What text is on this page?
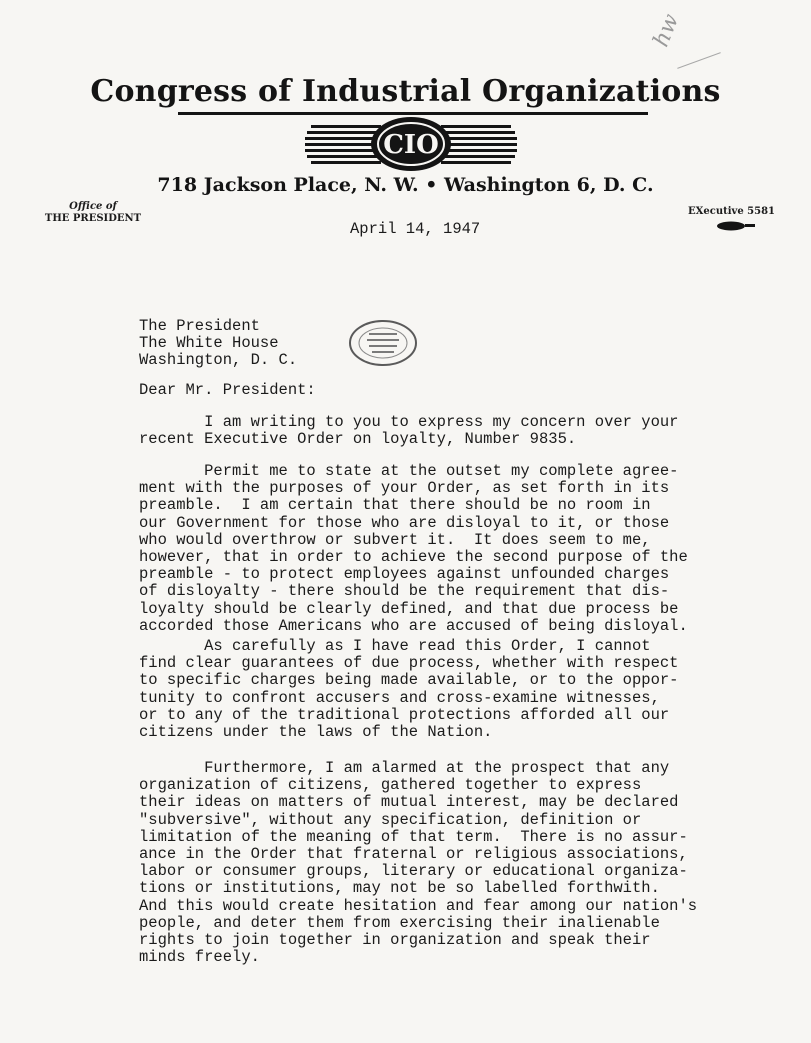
hw
Congress of Industrial Organizations
CIO
718 Jackson Place, N. W. • Washington 6, D. C.
Office of
THE PRESIDENT
EXecutive 5581
April 14, 1947
The President
The White House
Washington, D. C.
Dear Mr. President:
I am writing to you to express my concern over your
recent Executive Order on loyalty, Number 9835.
Permit me to state at the outset my complete agree-
ment with the purposes of your Order, as set forth in its
preamble.  I am certain that there should be no room in
our Government for those who are disloyal to it, or those
who would overthrow or subvert it.  It does seem to me,
however, that in order to achieve the second purpose of the
preamble - to protect employees against unfounded charges
of disloyalty - there should be the requirement that dis-
loyalty should be clearly defined, and that due process be
accorded those Americans who are accused of being disloyal.
As carefully as I have read this Order, I cannot
find clear guarantees of due process, whether with respect
to specific charges being made available, or to the oppor-
tunity to confront accusers and cross-examine witnesses,
or to any of the traditional protections afforded all our
citizens under the laws of the Nation.
Furthermore, I am alarmed at the prospect that any
organization of citizens, gathered together to express
their ideas on matters of mutual interest, may be declared
"subversive", without any specification, definition or
limitation of the meaning of that term.  There is no assur-
ance in the Order that fraternal or religious associations,
labor or consumer groups, literary or educational organiza-
tions or institutions, may not be so labelled forthwith.
And this would create hesitation and fear among our nation's
people, and deter them from exercising their inalienable
rights to join together in organization and speak their
minds freely.
